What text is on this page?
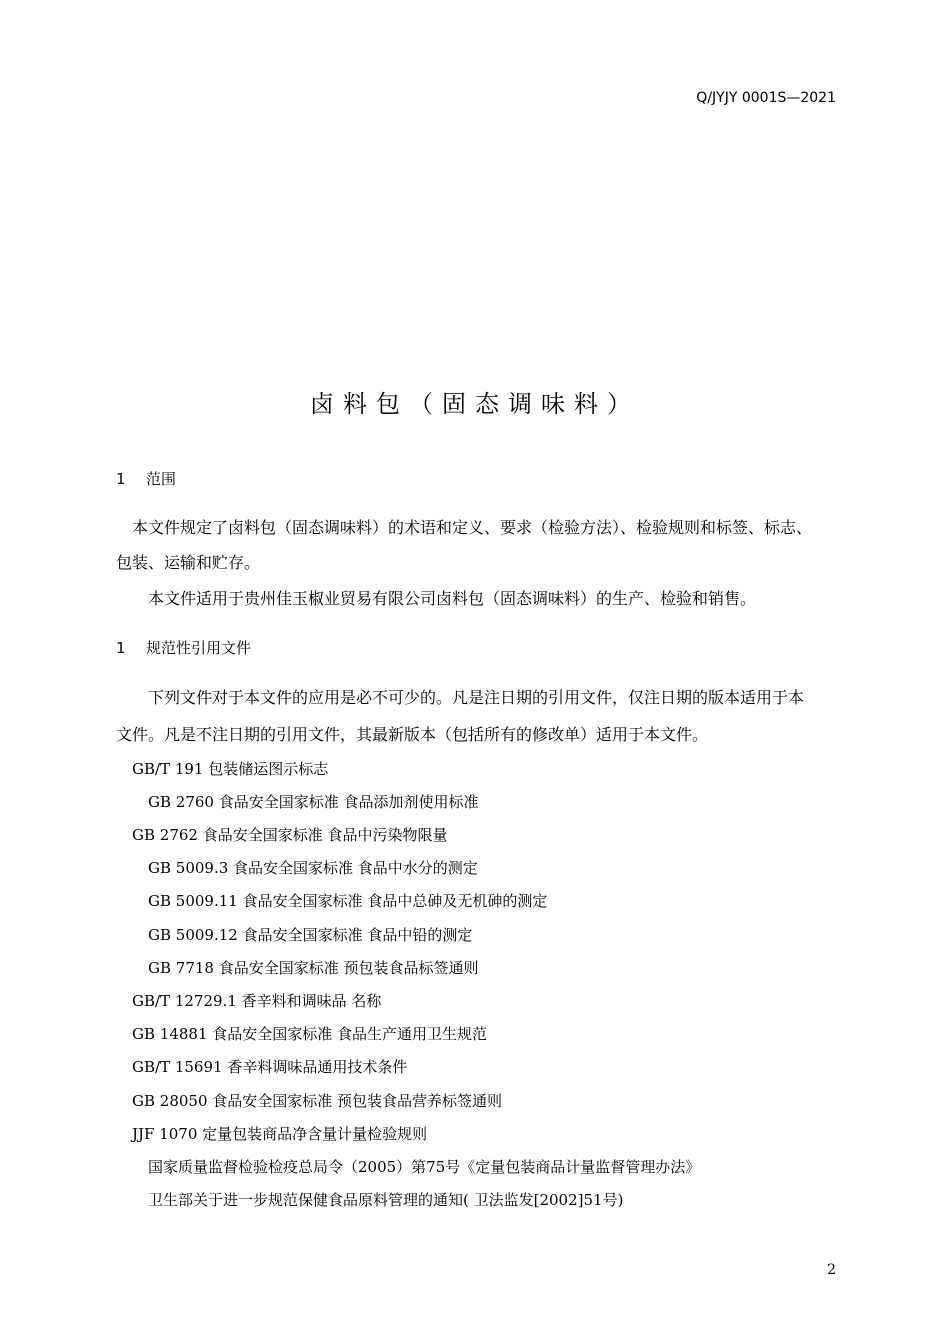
Q/JYJY 0001S—2021
卤料包（固态调味料）
1 范围
本文件规定了卤料包（固态调味料）的术语和定义、要求（检验方法）、检验规则和标签、标志、
包装、运输和贮存。
本文件适用于贵州佳玉椒业贸易有限公司卤料包（固态调味料）的生产、检验和销售。
1 规范性引用文件
下列文件对于本文件的应用是必不可少的。凡是注日期的引用文件，仅注日期的版本适用于本
文件。凡是不注日期的引用文件，其最新版本（包括所有的修改单）适用于本文件。
GB/T 191 包装储运图示标志
GB 2760 食品安全国家标准 食品添加剂使用标准
GB 2762 食品安全国家标准 食品中污染物限量
GB 5009.3 食品安全国家标准 食品中水分的测定
GB 5009.11 食品安全国家标准 食品中总砷及无机砷的测定
GB 5009.12 食品安全国家标准 食品中铅的测定
GB 7718 食品安全国家标准 预包装食品标签通则
GB/T 12729.1 香辛料和调味品 名称
GB 14881 食品安全国家标准 食品生产通用卫生规范
GB/T 15691 香辛料调味品通用技术条件
GB 28050 食品安全国家标准 预包装食品营养标签通则
JJF 1070 定量包装商品净含量计量检验规则
国家质量监督检验检疫总局令（2005）第75号《定量包装商品计量监督管理办法》
卫生部关于进一步规范保健食品原料管理的通知( 卫法监发[2002]51号)
2
